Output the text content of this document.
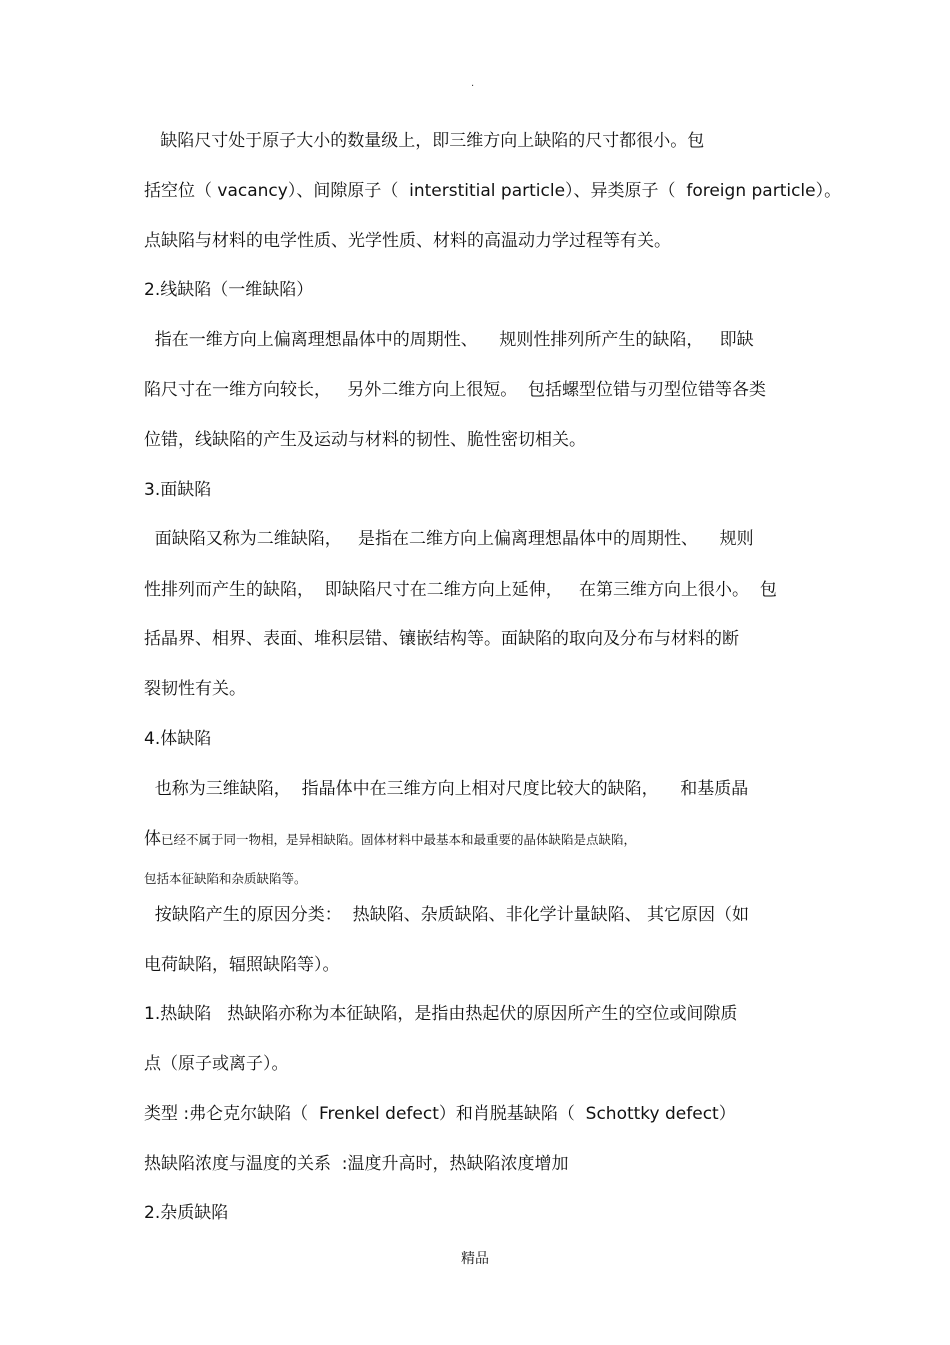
.
缺陷尺寸处于原子大小的数量级上，即三维方向上缺陷的尺寸都很小。包
括空位（ vacancy）、间隙原子（  interstitial particle）、异类原子（  foreign particle）。
点缺陷与材料的电学性质、光学性质、材料的高温动力学过程等有关。
2.线缺陷（一维缺陷）
指在一维方向上偏离理想晶体中的周期性、    规则性排列所产生的缺陷，   即缺
陷尺寸在一维方向较长，   另外二维方向上很短。  包括螺型位错与刃型位错等各类
位错，线缺陷的产生及运动与材料的韧性、脆性密切相关。
3.面缺陷
面缺陷又称为二维缺陷，   是指在二维方向上偏离理想晶体中的周期性、    规则
性排列而产生的缺陷，  即缺陷尺寸在二维方向上延伸，   在第三维方向上很小。  包
括晶界、相界、表面、堆积层错、镶嵌结构等。面缺陷的取向及分布与材料的断
裂韧性有关。
4.体缺陷
也称为三维缺陷，  指晶体中在三维方向上相对尺度比较大的缺陷，    和基质晶
体已经不属于同一物相，是异相缺陷。固体材料中最基本和最重要的晶体缺陷是点缺陷，
包括本征缺陷和杂质缺陷等。
按缺陷产生的原因分类：  热缺陷、杂质缺陷、非化学计量缺陷、 其它原因（如
电荷缺陷，辐照缺陷等）。
1.热缺陷   热缺陷亦称为本征缺陷，是指由热起伏的原因所产生的空位或间隙质
点（原子或离子）。
类型 :弗仑克尔缺陷（  Frenkel defect）和肖脱基缺陷（  Schottky defect）
热缺陷浓度与温度的关系  :温度升高时，热缺陷浓度增加
2.杂质缺陷
精品
